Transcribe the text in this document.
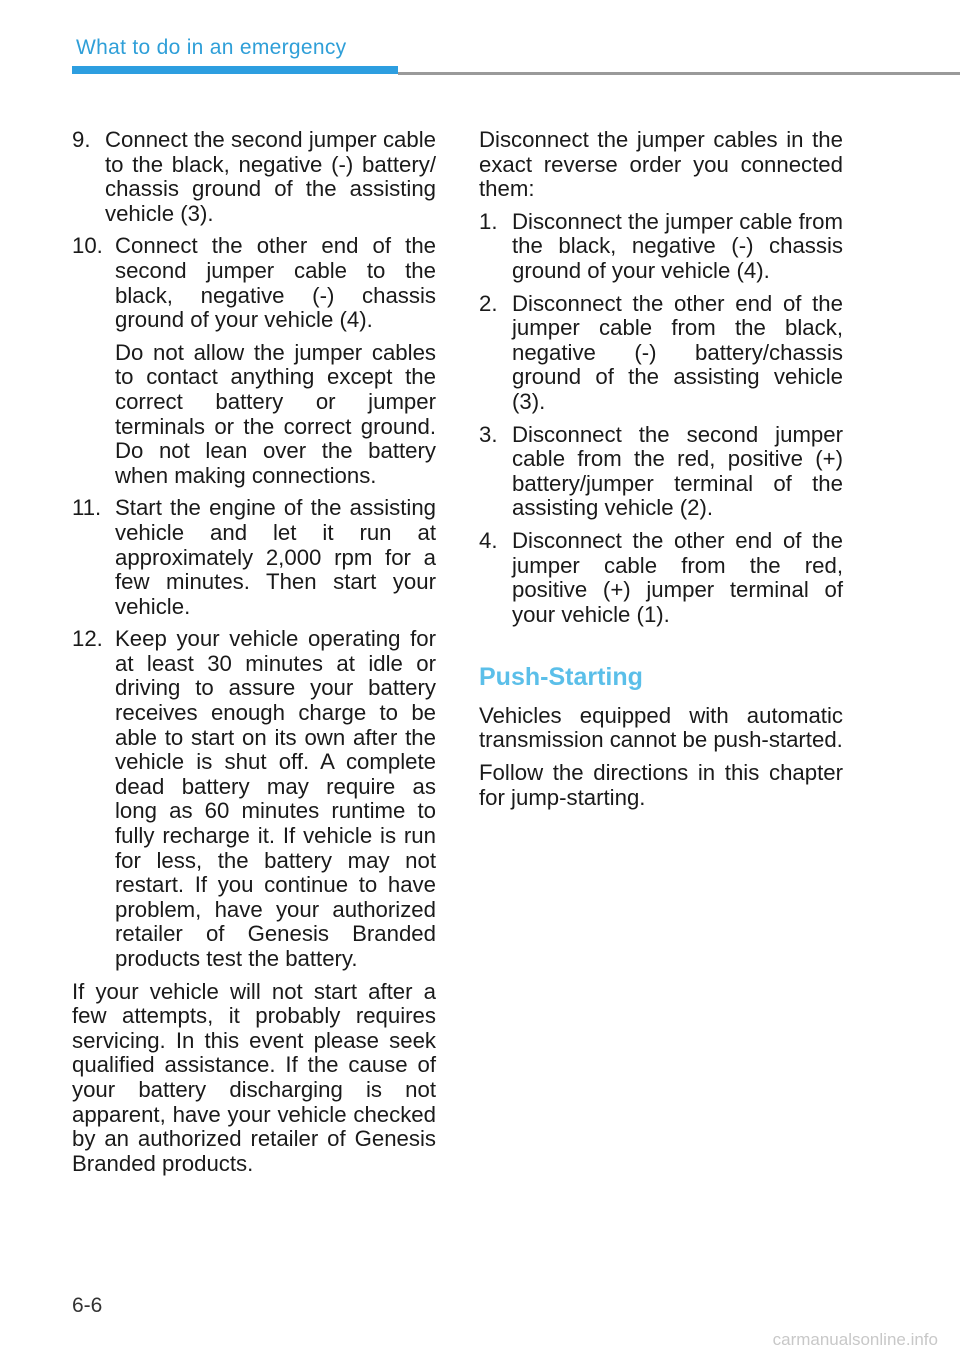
What to do in an emergency
9. Connect the second jumper cable to the black, negative (-) battery/ chassis ground of the assisting vehicle (3).

10. Connect the other end of the second jumper cable to the black, negative (-) chassis ground of your vehicle (4).

Do not allow the jumper cables to contact anything except the correct battery or jumper terminals or the correct ground. Do not lean over the battery when making connections.

11. Start the engine of the assisting vehicle and let it run at approximately 2,000 rpm for a few minutes. Then start your vehicle.

12. Keep your vehicle operating for at least 30 minutes at idle or driving to assure your battery receives enough charge to be able to start on its own after the vehicle is shut off. A complete dead battery may require as long as 60 minutes runtime to fully recharge it. If vehicle is run for less, the battery may not restart. If you continue to have problem, have your authorized retailer of Genesis Branded products test the battery.

If your vehicle will not start after a few attempts, it probably requires servicing. In this event please seek qualified assistance. If the cause of your battery discharging is not apparent, have your vehicle checked by an authorized retailer of Genesis Branded products.

Disconnect the jumper cables in the exact reverse order you connected them:

1. Disconnect the jumper cable from the black, negative (-) chassis ground of your vehicle (4).

2. Disconnect the other end of the jumper cable from the black, negative (-) battery/chassis ground of the assisting vehicle (3).

3. Disconnect the second jumper cable from the red, positive (+) battery/jumper terminal of the assisting vehicle (2).

4. Disconnect the other end of the jumper cable from the red, positive (+) jumper terminal of your vehicle (1).

Push-Starting

Vehicles equipped with automatic transmission cannot be push-started.

Follow the directions in this chapter for jump-starting.

6-6
carmanualsonline.info
